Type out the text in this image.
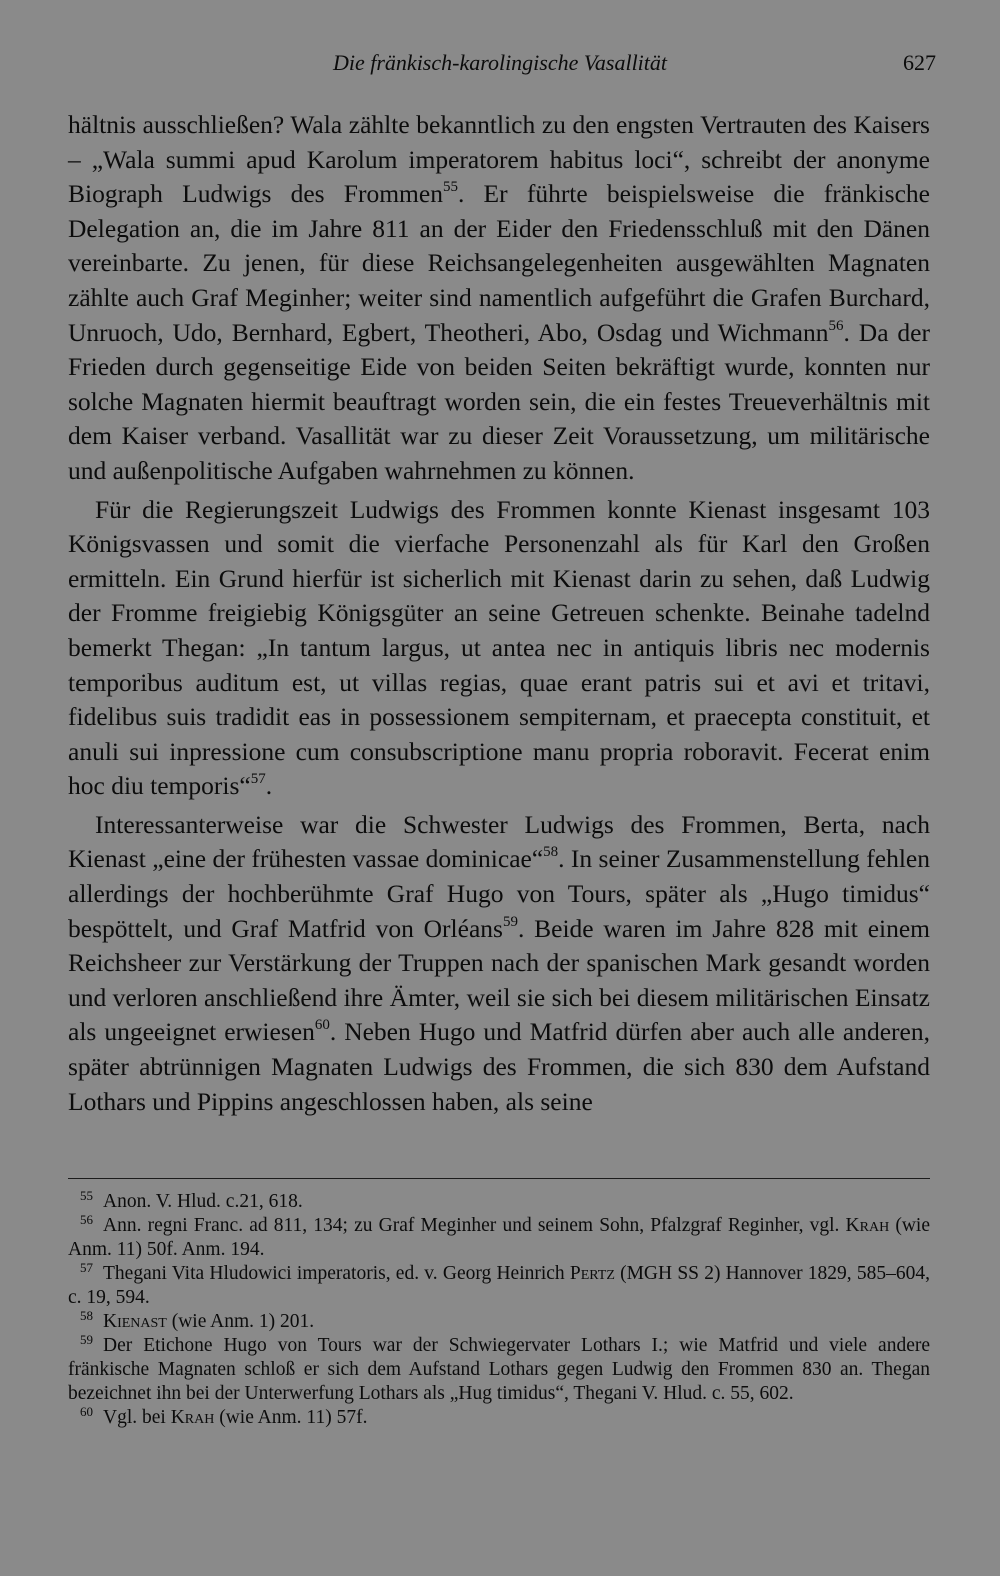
Die fränkisch-karolingische Vasallität	627

hältnis ausschließen? Wala zählte bekanntlich zu den engsten Vertrauten des Kaisers – „Wala summi apud Karolum imperatorem habitus loci“, schreibt der anonyme Biograph Ludwigs des Frommen$^{55}$. Er führte beispielsweise die fränkische Delegation an, die im Jahre 811 an der Eider den Friedensschluß mit den Dänen vereinbarte. Zu jenen, für diese Reichsangelegenheiten ausgewählten Magnaten zählte auch Graf Meginher; weiter sind namentlich aufgeführt die Grafen Burchard, Unruoch, Udo, Bernhard, Egbert, Theotheri, Abo, Osdag und Wichmann$^{56}$. Da der Frieden durch gegenseitige Eide von beiden Seiten bekräftigt wurde, konnten nur solche Magnaten hiermit beauftragt worden sein, die ein festes Treueverhältnis mit dem Kaiser verband. Vasallität war zu dieser Zeit Voraussetzung, um militärische und außenpolitische Aufgaben wahrnehmen zu können.

Für die Regierungszeit Ludwigs des Frommen konnte Kienast insgesamt 103 Königsvassen und somit die vierfache Personenzahl als für Karl den Großen ermitteln. Ein Grund hierfür ist sicherlich mit Kienast darin zu sehen, daß Ludwig der Fromme freigiebig Königsgüter an seine Getreuen schenkte. Beinahe tadelnd bemerkt Thegan: „In tantum largus, ut antea nec in antiquis libris nec modernis temporibus auditum est, ut villas regias, quae erant patris sui et avi et tritavi, fidelibus suis tradidit eas in possessionem sempiternam, et praecepta constituit, et anuli sui inpressione cum consubscriptione manu propria roboravit. Fecerat enim hoc diu temporis“$^{57}$.

Interessanterweise war die Schwester Ludwigs des Frommen, Berta, nach Kienast „eine der frühesten vassae dominicae“$^{58}$. In seiner Zusammenstellung fehlen allerdings der hochberühmte Graf Hugo von Tours, später als „Hugo timidus“ bespöttelt, und Graf Matfrid von Orléans$^{59}$. Beide waren im Jahre 828 mit einem Reichsheer zur Verstärkung der Truppen nach der spanischen Mark gesandt worden und verloren anschließend ihre Ämter, weil sie sich bei diesem militärischen Einsatz als ungeeignet erwiesen$^{60}$. Neben Hugo und Matfrid dürfen aber auch alle anderen, später abtrünnigen Magnaten Ludwigs des Frommen, die sich 830 dem Aufstand Lothars und Pippins angeschlossen haben, als seine

$^{55}$ Anon. V. Hlud. c.21, 618.

$^{56}$ Ann. regni Franc. ad 811, 134; zu Graf Meginher und seinem Sohn, Pfalzgraf Reginher, vgl. Krah (wie Anm. 11) 50f. Anm. 194.

$^{57}$ Thegani Vita Hludowici imperatoris, ed. v. Georg Heinrich Pertz (MGH SS 2) Hannover 1829, 585–604, c. 19, 594.

$^{58}$ Kienast (wie Anm. 1) 201.

$^{59}$ Der Etichone Hugo von Tours war der Schwiegervater Lothars I.; wie Matfrid und viele andere fränkische Magnaten schloß er sich dem Aufstand Lothars gegen Ludwig den Frommen 830 an. Thegan bezeichnet ihn bei der Unterwerfung Lothars als „Hug timidus“, Thegani V. Hlud. c. 55, 602.

$^{60}$ Vgl. bei Krah (wie Anm. 11) 57f.
